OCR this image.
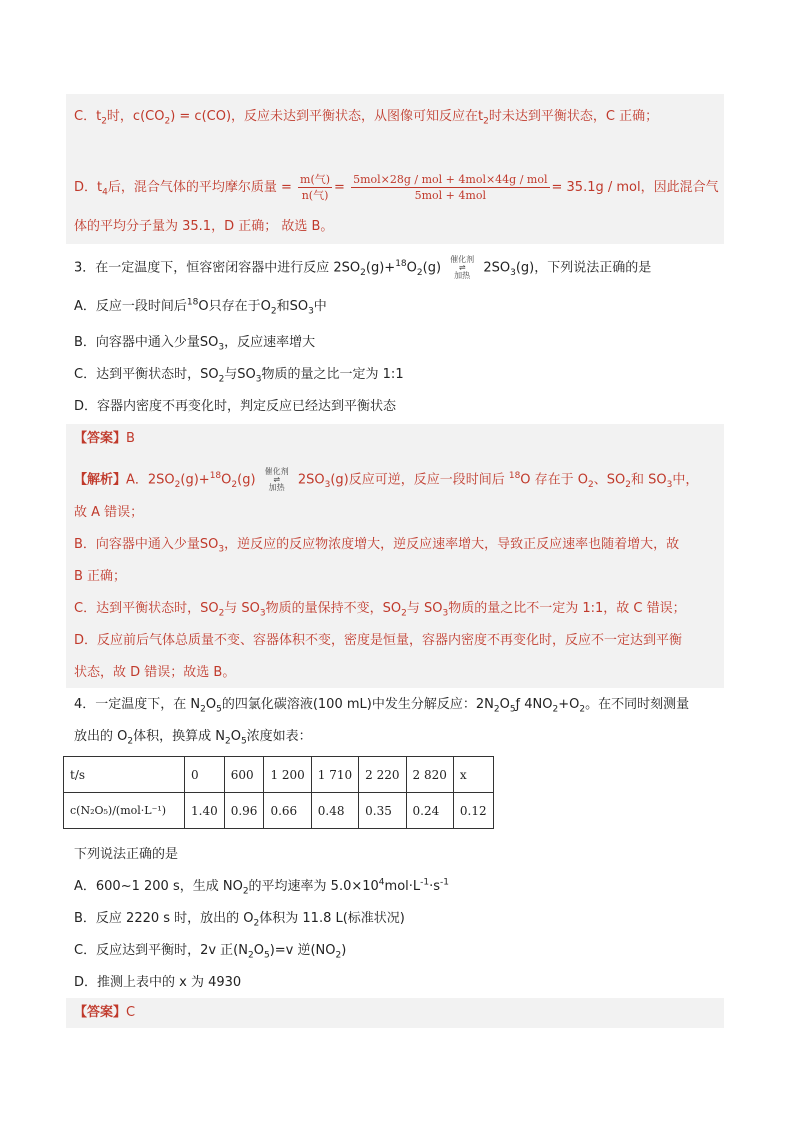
C．$t_2$时，$c(CO_2) = c(CO)$，反应未达到平衡状态，从图像可知反应在$t_2$时未达到平衡状态，C 正确；
D．$t_4$后，混合气体的平均摩尔质量 = $\frac{\text{m(气)}}{\text{n(气)}} = \frac{\text{5mol×28g / mol + 4mol×44g / mol}}{\text{5mol + 4mol}} = 35.1g$ / mol，因此混合气
体的平均分子量为 35.1，D 正确； 故选 B。
3．在一定温度下，恒容密闭容器中进行反应 $2SO_2(g)+^{18}O_2(g)$ 催化剂
⇌
加热 $2SO_3(g)$，下列说法正确的是
A．反应一段时间后$^{18}$O只存在于$O_2$和$SO_3$中
B．向容器中通入少量$SO_3$，反应速率增大
C．达到平衡状态时，$SO_2$与$SO_3$物质的量之比一定为 1:1
D．容器内密度不再变化时，判定反应已经达到平衡状态
【答案】B
【解析】A．$2SO_2(g)+^{18}O_2(g)$ 催化剂
⇌
加热 $2SO_3(g)$反应可逆，反应一段时间后 $^{18}$O 存在于 $O_2$、$SO_2$和 $SO_3$中，
故 A 错误；
B．向容器中通入少量$SO_3$，逆反应的反应物浓度增大，逆反应速率增大，导致正反应速率也随着增大，故
B 正确；
C．达到平衡状态时，$SO_2$与 $SO_3$物质的量保持不变，$SO_2$与 $SO_3$物质的量之比不一定为 1:1，故 C 错误；
D．反应前后气体总质量不变、容器体积不变，密度是恒量，容器内密度不再变化时，反应不一定达到平衡
状态，故 D 错误；故选 B。
4．一定温度下，在 $N_2O_5$的四氯化碳溶液(100 mL)中发生分解反应：$2N_2O_5ƒ$ $4NO_2+O_2$。在不同时刻测量
放出的 $O_2$体积，换算成 $N_2O_5$浓度如表：
t/s	0	600	1 200	1 710	2 220	2 820	x
c(N₂O₅)/(mol·L⁻¹)	1.40	0.96	0.66	0.48	0.35	0.24	0.12
下列说法正确的是
A．600~1 200 s，生成 $NO_2$的平均速率为 $5.0\times 10^4mol\cdot L^{-1}\cdot s^{-1}$
B．反应 2220 s 时，放出的 $O_2$体积为 11.8 L(标准状况)
C．反应达到平衡时，2v 正$(N_2O_5)=v$ 逆$(NO_2)$
D．推测上表中的 x 为 4930
【答案】C
